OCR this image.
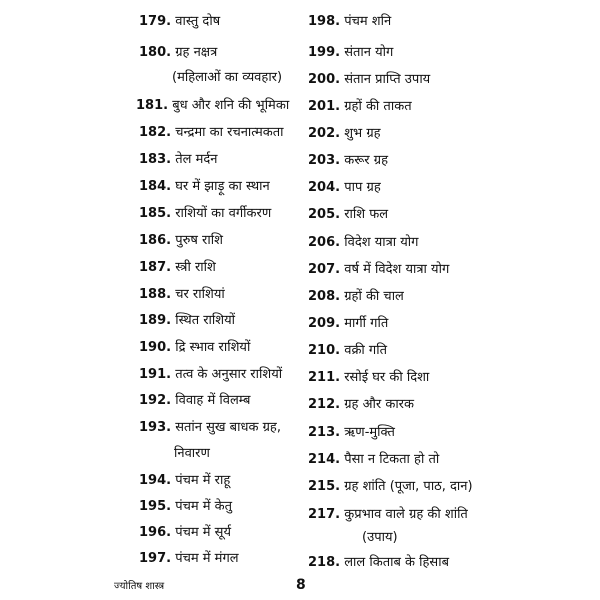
179. वास्तु दोष
180. ग्रह नक्षत्र
(महिलाओं का व्यवहार)
181. बुध और शनि की भूमिका
182. चन्द्रमा का रचनात्मकता
183. तेल मर्दन
184. घर में झाड़ू का स्थान
185. राशियों का वर्गीकरण
186. पुरुष राशि
187. स्त्री राशि
188. चर राशियां
189. स्थित राशियों
190. द्रि स्भाव राशियों
191. तत्व के अनुसार राशियों
192. विवाह में विलम्ब
193. सतांन सुख बाधक ग्रह,
निवारण
194. पंचम में राहू
195. पंचम में केतु
196. पंचम में सूर्य
197. पंचम में मंगल
198. पंचम शनि
199. संतान योग
200. संतान प्राप्ति उपाय
201. ग्रहों की ताकत
202. शुभ ग्रह
203. करूर ग्रह
204. पाप ग्रह
205. राशि फल
206. विदेश यात्रा योग
207. वर्ष में विदेश यात्रा योग
208. ग्रहों की चाल
209. मार्गी गति
210. वक्री गति
211. रसोई घर की दिशा
212. ग्रह और कारक
213. ऋण-मुक्ति
214. पैसा न टिकता हो तो
215. ग्रह शांति (पूजा, पाठ, दान)
217. कुप्रभाव वाले ग्रह की शांति
(उपाय)
218. लाल किताब के हिसाब
ज्योतिष शास्त्र	8
